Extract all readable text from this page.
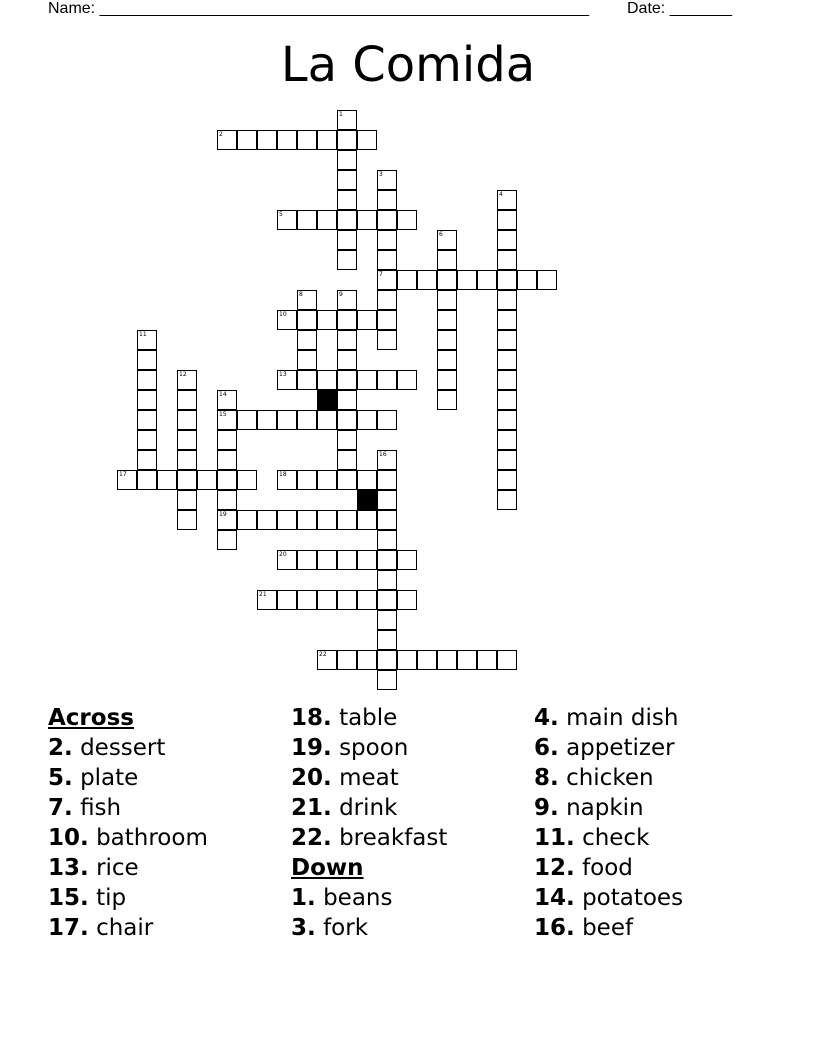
Name: _______________________________________________________ Date: _______
La Comida
1
2
3
7
4
5
6
8	9
10
11
12	13
14
15
19
16
17	18
20
21
22
Across
2. dessert
5. plate
7. fish
10. bathroom
13. rice
15. tip
17. chair
18. table
19. spoon
20. meat
21. drink
22. breakfast
Down
1. beans
3. fork
4. main dish
6. appetizer
8. chicken
9. napkin
11. check
12. food
14. potatoes
16. beef
